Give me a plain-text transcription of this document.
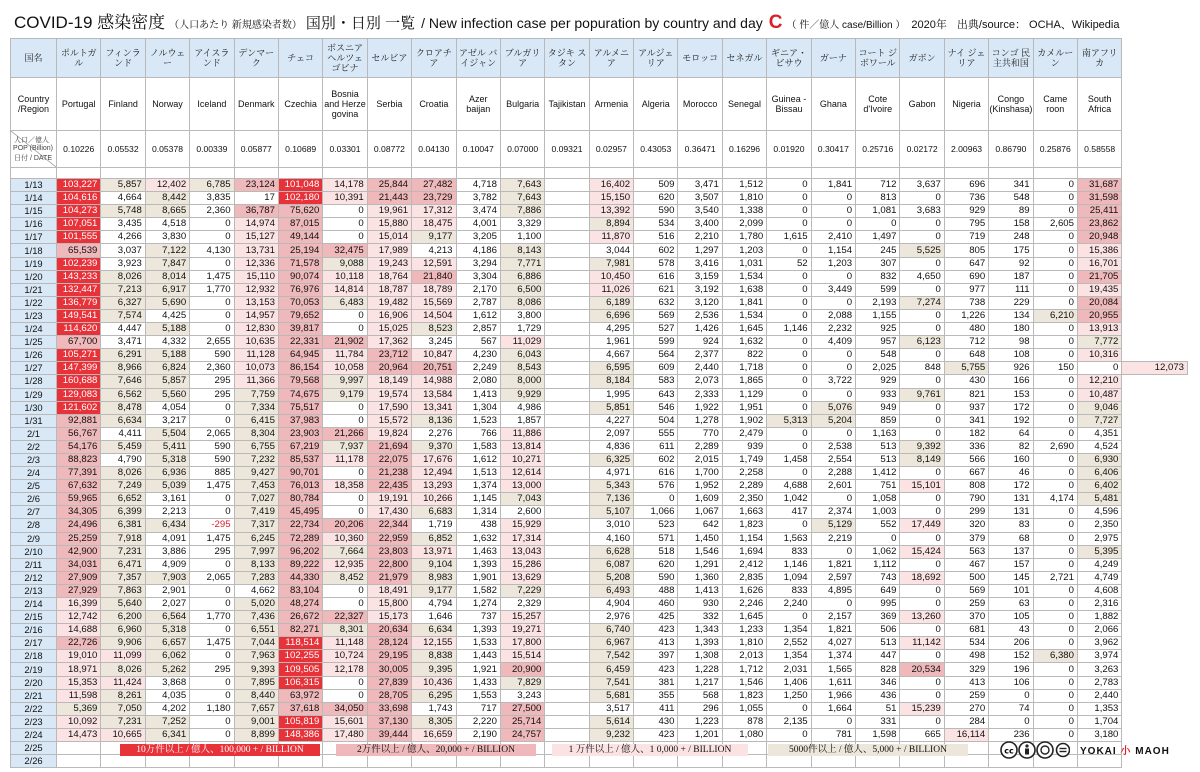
COVID-19 感染密度 （人口あたり 新規感染者数） 国別・日別 一覧 / New infection case per popuration by country and day C （ 件／億人 case/Billion ） 2020年 出典/source： OCHA、Wikipedia
国名	ポルトガル	フィンランド	ノルウェー	アイスランド	デンマーク	チェコ	ボスニア ヘルツェゴビナ	セルビア	クロアチア	アゼル バイジャン	ブルガリア	タジキ スタン	アルメニア	アルジェ リア	モロッコ	セネガル	ギニア・ ビサウ	ガーナ	コート ジボワール	ガボン	ナイ ジェリア	コンゴ 民主共和国	カメルーン	南アフリカ	
Country
/Region	Portugal	Finland	Norway	Iceland	Denmark	Czechia	Bosnia and Herze govina	Serbia	Croatia	Azer baijan	Bulgaria	Tajikistan	Armenia	Algeria	Morocco	Senegal	Guinea -Bissau	Ghana	Cote d'Ivoire	Gabon	Nigeria	Congo (Kinshasa)	Came roon	South Africa	

人口／億人
POP (Billion)
日付 / DATE	0.10226	0.05532	0.05378	0.00339	0.05877	0.10689	0.03301	0.08772	0.04130	0.10047	0.07000	0.09321	0.02957	0.43053	0.36471	0.16296	0.01920	0.30417	0.25716	0.02172	2.00963	0.86790	0.25876	0.58558	

1/13	103,227	5,857	12,402	6,785	23,124	101,048	14,178	25,844	27,482	4,718	7,643		16,402	509	3,471	1,512	0	1,841	712	3,637	696	341	0	31,687	
1/14	104,616	4,664	8,442	3,835	17	102,180	10,391	21,443	23,729	3,782	7,643		15,150	620	3,507	1,810	0	0	813	0	736	548	0	31,598	
1/15	104,273	5,748	8,665	2,360	36,787	75,620	0	19,961	17,312	3,474	7,886		13,392	590	3,540	1,338	0	0	1,081	3,683	929	89	0	25,411	
1/16	107,051	3,435	4,518	0	14,974	87,015	0	15,880	18,475	4,001	3,329		8,894	534	3,400	2,099	0	0	0	0	795	158	2,605	23,862	
1/17	101,555	4,266	3,830	0	15,127	49,144	0	15,014	9,177	3,205	1,100		11,870	516	2,210	1,780	1,615	2,410	1,497	0	719	248	0	20,948	
1/18	65,539	3,037	7,122	4,130	13,731	25,194	32,475	17,989	4,213	4,186	8,143		3,044	602	1,297	1,203	0	1,154	245	5,525	805	175	0	15,386	
1/19	102,239	3,923	7,847	0	12,336	71,578	9,088	19,243	12,591	3,294	7,771		7,981	578	3,416	1,031	52	1,203	307	0	647	92	0	16,701	
1/20	143,233	8,026	8,014	1,475	15,110	90,074	10,118	18,764	21,840	3,304	6,886		10,450	616	3,159	1,534	0	0	832	4,650	690	187	0	21,705	
1/21	132,447	7,213	6,917	1,770	12,932	76,976	14,814	18,787	18,789	2,170	6,500		11,026	621	3,192	1,638	0	3,449	599	0	977	111	0	19,435	
1/22	136,779	6,327	5,690	0	13,153	70,053	6,483	19,482	15,569	2,787	8,086		6,189	632	3,120	1,841	0	0	2,193	7,274	738	229	0	20,084	
1/23	149,541	7,574	4,425	0	14,957	79,652	0	16,906	14,504	1,612	3,800		6,696	569	2,536	1,534	0	2,088	1,155	0	1,226	134	6,210	20,955	
1/24	114,620	4,447	5,188	0	12,830	39,817	0	15,025	8,523	2,857	1,729		4,295	527	1,426	1,645	1,146	2,232	925	0	480	180	0	13,913	
1/25	67,700	3,471	4,332	2,655	10,635	22,331	21,902	17,362	3,245	567	11,029		1,961	599	924	1,632	0	4,409	957	6,123	712	98	0	7,772	
1/26	105,271	6,291	5,188	590	11,128	64,945	11,784	23,712	10,847	4,230	6,043		4,667	564	2,377	822	0	0	548	0	648	108	0	10,316	
1/27	147,399	8,966	6,824	2,360	10,073	86,154	10,058	20,964	20,751	2,249	8,543		6,595	609	2,440	1,718	0	0	2,025	848	5,755	926	150	0	12,073
1/28	160,688	7,646	5,857	295	11,366	79,568	9,997	18,149	14,988	2,080	8,000		8,184	583	2,073	1,865	0	3,722	929	0	430	166	0	12,210	
1/29	129,083	6,562	5,560	295	7,759	74,675	9,179	19,574	13,584	1,413	9,929		1,995	643	2,333	1,129	0	0	933	9,761	821	153	0	10,487	
1/30	121,602	8,478	4,054	0	7,334	75,517	0	17,590	13,341	1,304	4,986		5,851	546	1,922	1,951	0	5,076	949	0	937	172	0	9,046	
1/31	92,881	6,634	3,217	0	6,415	37,983	0	15,572	8,136	1,523	1,857		4,227	504	1,278	1,902	5,313	5,204	859	0	341	192	0	7,727	
2/1	56,767	4,411	5,504	2,065	8,304	23,903	21,266	19,824	2,276	766	11,886		2,097	555	770	2,479	0	0	1,163	0	182	64	0	4,351	
2/2	54,176	5,459	5,411	590	6,755	67,219	7,937	21,694	9,370	1,583	13,814		4,836	611	2,289	939	0	2,538	513	9,392	336	82	2,690	4,524	
2/3	88,823	4,790	5,318	590	7,232	85,537	11,178	22,075	17,676	1,612	10,271		6,325	602	2,015	1,749	1,458	2,554	513	8,149	566	160	0	6,930	
2/4	77,391	8,026	6,936	885	9,427	90,701	0	21,238	12,494	1,513	12,614		4,971	616	1,700	2,258	0	2,288	1,412	0	667	46	0	6,406	
2/5	67,632	7,249	5,039	1,475	7,453	76,013	18,358	22,435	13,293	1,374	13,000		5,343	576	1,952	2,289	4,688	2,601	751	15,101	808	172	0	6,402	
2/6	59,965	6,652	3,161	0	7,027	80,784	0	19,191	10,266	1,145	7,043		7,136	0	1,609	2,350	1,042	0	1,058	0	790	131	4,174	5,481	
2/7	34,305	6,399	2,213	0	7,419	45,495	0	17,430	6,683	1,314	2,600		5,107	1,066	1,067	1,663	417	2,374	1,003	0	299	131	0	4,596	
2/8	24,496	6,381	6,434	-295	7,317	22,734	20,206	22,344	1,719	438	15,929		3,010	523	642	1,823	0	5,129	552	17,449	320	83	0	2,350	
2/9	25,259	7,918	4,091	1,475	6,245	72,289	10,360	22,959	6,852	1,632	17,314		4,160	571	1,450	1,154	1,563	2,219	0	0	379	68	0	2,975	
2/10	42,900	7,231	3,886	295	7,997	96,202	7,664	23,803	13,971	1,463	13,043		6,628	518	1,546	1,694	833	0	1,062	15,424	563	137	0	5,395	
2/11	34,031	6,471	4,909	0	8,133	89,222	12,935	22,800	9,104	1,393	15,286		6,087	620	1,291	2,412	1,146	1,821	1,112	0	467	157	0	4,249	
2/12	27,909	7,357	7,903	2,065	7,283	44,330	8,452	21,979	8,983	1,901	13,629		5,208	590	1,360	2,835	1,094	2,597	743	18,692	500	145	2,721	4,749	
2/13	27,929	7,863	2,901	0	4,662	83,104	0	18,491	9,177	1,582	7,229		6,493	488	1,413	1,626	833	4,895	649	0	569	101	0	4,608	
2/14	16,399	5,640	2,027	0	5,020	48,274	0	15,800	4,794	1,274	2,329		4,904	460	930	2,246	2,240	0	995	0	259	63	0	2,316	
2/15	12,742	6,200	6,564	1,770	7,436	26,672	22,327	15,173	1,646	737	15,257		2,976	425	332	1,645	0	2,157	369	13,260	370	105	0	1,882	
2/16	14,688	6,960	5,318	0	6,551	82,271	8,301	20,634	6,634	1,393	19,271		6,740	423	1,343	1,233	1,354	1,821	506	0	681	43	0	2,066	
2/17	22,726	9,906	6,657	1,475	7,044	118,514	11,148	28,124	12,155	1,533	17,800		6,967	413	1,393	1,810	2,552	4,027	513	11,142	534	206	0	3,962	
2/18	19,010	11,099	6,062	0	7,963	102,255	10,724	29,195	8,838	1,443	15,514		7,542	397	1,308	2,013	1,354	1,374	447	0	498	152	6,380	3,974	
2/19	18,971	8,026	5,262	295	9,393	109,505	12,178	30,005	9,395	1,921	20,900		6,459	423	1,228	1,712	2,031	1,565	828	20,534	329	196	0	3,263	
2/20	15,353	11,424	3,868	0	7,895	106,315	0	27,839	10,436	1,433	7,829		7,541	381	1,217	1,546	1,406	1,611	346	0	413	106	0	2,783	
2/21	11,598	8,261	4,035	0	8,440	63,972	0	28,705	6,295	1,553	3,243		5,681	355	568	1,823	1,250	1,966	436	0	259	0	0	2,440	
2/22	5,369	7,050	4,202	1,180	7,657	37,618	34,050	33,698	1,743	717	27,500		3,517	411	296	1,055	0	1,664	51	15,239	270	74	0	1,353	
2/23	10,092	7,231	7,252	0	9,001	105,819	15,601	37,130	8,305	2,220	25,714		5,614	430	1,223	878	2,135	0	331	0	284	0	0	1,704	
2/24	14,473	10,665	6,341	0	8,899	148,386	17,480	39,444	16,659	2,190	24,757		9,232	423	1,201	1,080	0	781	1,598	665	16,114	236	0	3,180	
2/25																									
2/26																									
10万件以上 / 億人、100,000 + / BILLION	2万件以上 / 億人、20,000 + / BILLION	1 万件以上 / 億人、1 0,000 + / BILLION	5000件以上 / 億人、5,000 + / BILLION	cc	YOKAI 小 MAOH
